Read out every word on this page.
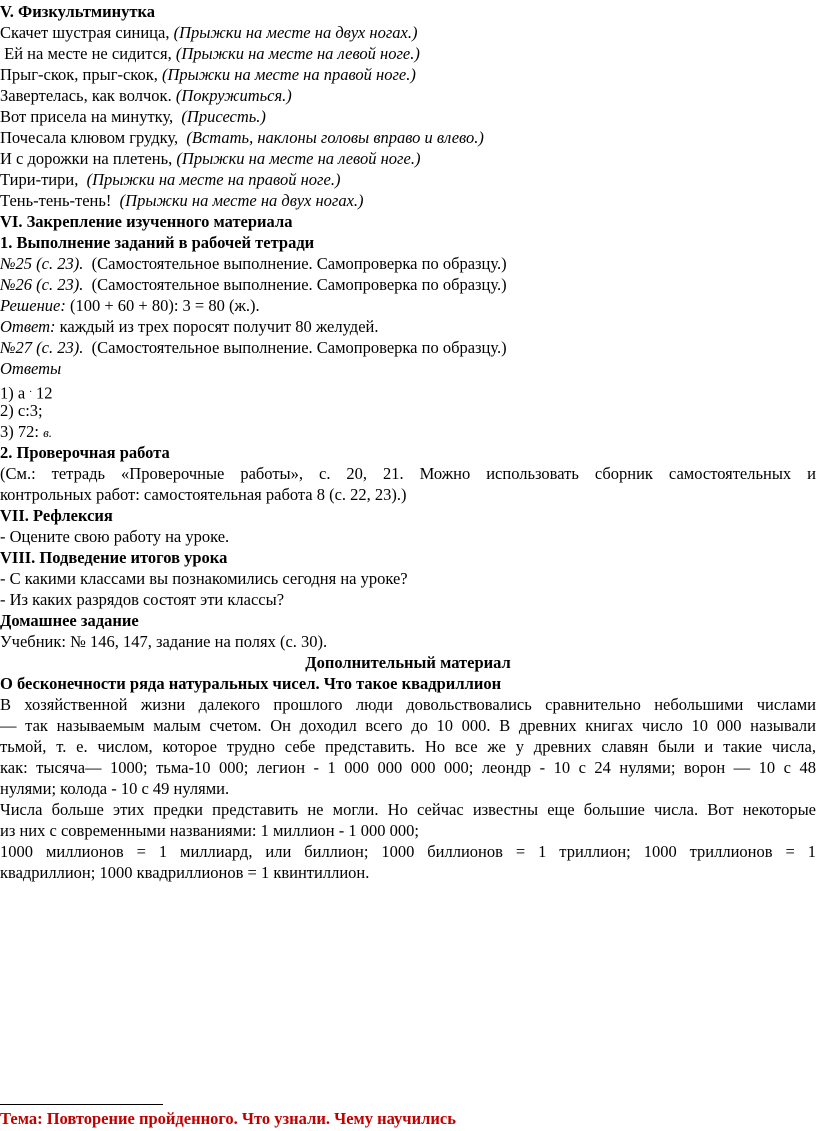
V. Физкультминутка
Скачет шустрая синица, (Прыжки на месте на двух ногах.)
Ей на месте не сидится, (Прыжки на месте на левой ноге.)
Прыг-скок, прыг-скок, (Прыжки на месте на правой ноге.)
Завертелась, как волчок. (Покружиться.)
Вот присела на минутку,  (Присесть.)
Почесала клювом грудку,  (Встать, наклоны головы вправо и влево.)
И с дорожки на плетень, (Прыжки на месте на левой ноге.)
Тири-тири,  (Прыжки на месте на правой ноге.)
Тень-тень-тень!  (Прыжки на месте на двух ногах.)
VI. Закрепление изученного материала
1. Выполнение заданий в рабочей тетради
№25 (с. 23).  (Самостоятельное выполнение. Самопроверка по образцу.)
№26 (с. 23).  (Самостоятельное выполнение. Самопроверка по образцу.)
Решение: (100 + 60 + 80): 3 = 80 (ж.).
Ответ: каждый из трех поросят получит 80 желудей.
№27 (с. 23).  (Самостоятельное выполнение. Самопроверка по образцу.)
Ответы
1) а . 12
2) с:3;
3) 72: в.
2. Проверочная работа
(См.: тетрадь «Проверочные работы», с. 20, 21. Можно использовать сборник самостоятельных и
контрольных работ: самостоятельная работа 8 (с. 22, 23).)
VII. Рефлексия
- Оцените свою работу на уроке.
VIII. Подведение итогов урока
- С какими классами вы познакомились сегодня на уроке?
- Из каких разрядов состоят эти классы?
Домашнее задание
Учебник: № 146, 147, задание на полях (с. 30).
Дополнительный материал
О бесконечности ряда натуральных чисел. Что такое квадриллион
В хозяйственной жизни далекого прошлого люди довольствовались сравнительно небольшими числами
— так называемым малым счетом. Он доходил всего до 10 000. В древних книгах число 10 000 называли
тьмой, т. е. числом, которое трудно себе представить. Но все же у древних славян были и такие числа,
как: тысяча— 1000; тьма-10 000; легион - 1 000 000 000 000; леондр - 10 с 24 нулями; ворон — 10 с 48
нулями; колода - 10 с 49 нулями.
Числа больше этих предки представить не могли. Но сейчас известны еще большие числа. Вот некоторые
из них с современными названиями: 1 миллион - 1 000 000;
1000 миллионов = 1 миллиард, или биллион; 1000 биллионов = 1 триллион; 1000 триллионов = 1
квадриллион; 1000 квадриллионов = 1 квинтиллион.
Тема: Повторение пройденного. Что узнали. Чему научились
